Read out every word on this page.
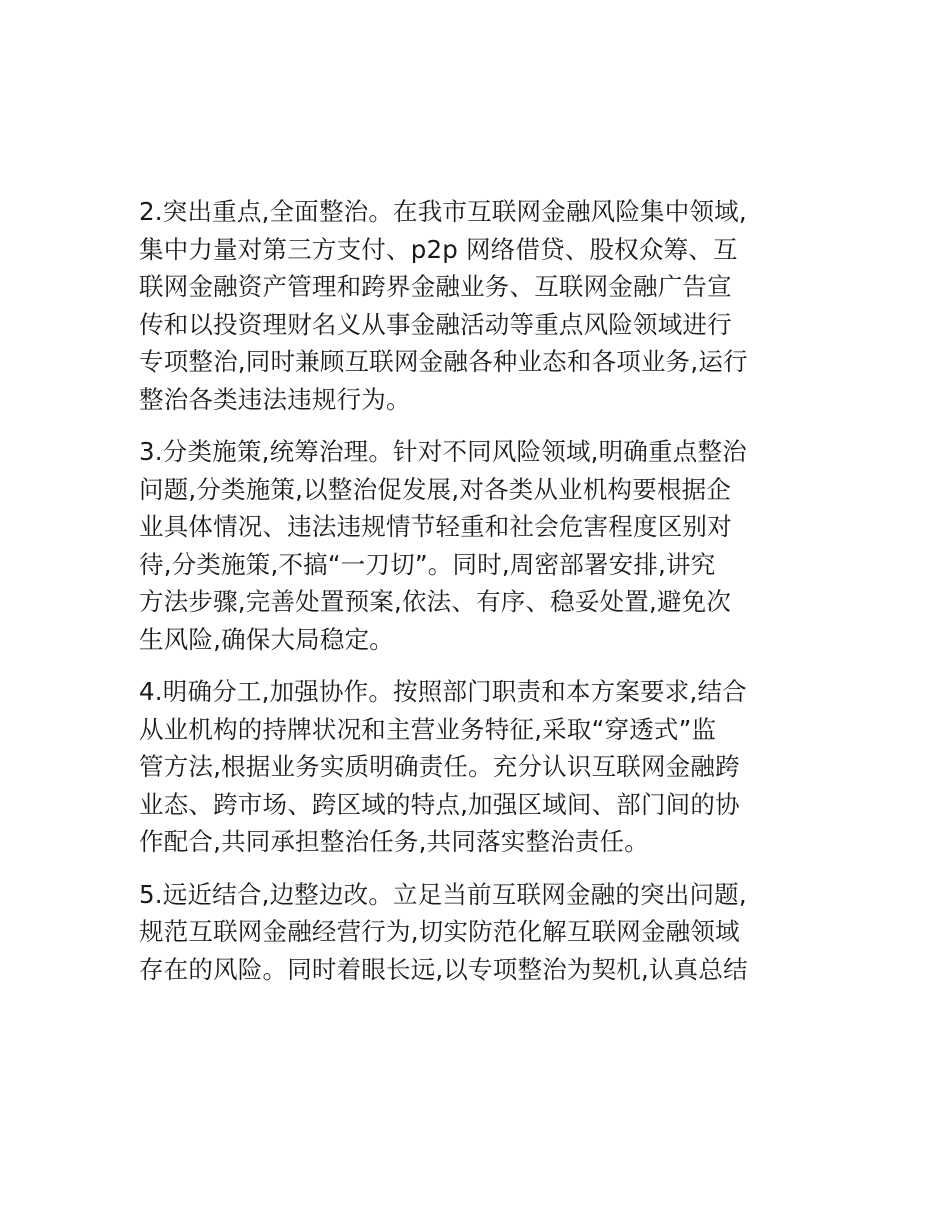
2.突出重点,全面整治。在我市互联网金融风险集中领域,
集中力量对第三方支付、p2p 网络借贷、股权众筹、互
联网金融资产管理和跨界金融业务、互联网金融广告宣
传和以投资理财名义从事金融活动等重点风险领域进行
专项整治,同时兼顾互联网金融各种业态和各项业务,运行
整治各类违法违规行为。
3.分类施策,统筹治理。针对不同风险领域,明确重点整治
问题,分类施策,以整治促发展,对各类从业机构要根据企
业具体情况、违法违规情节轻重和社会危害程度区别对
待,分类施策,不搞“一刀切”。同时,周密部署安排,讲究
方法步骤,完善处置预案,依法、有序、稳妥处置,避免次
生风险,确保大局稳定。
4.明确分工,加强协作。按照部门职责和本方案要求,结合
从业机构的持牌状况和主营业务特征,采取“穿透式”监
管方法,根据业务实质明确责任。充分认识互联网金融跨
业态、跨市场、跨区域的特点,加强区域间、部门间的协
作配合,共同承担整治任务,共同落实整治责任。
5.远近结合,边整边改。立足当前互联网金融的突出问题,
规范互联网金融经营行为,切实防范化解互联网金融领域
存在的风险。同时着眼长远,以专项整治为契机,认真总结
